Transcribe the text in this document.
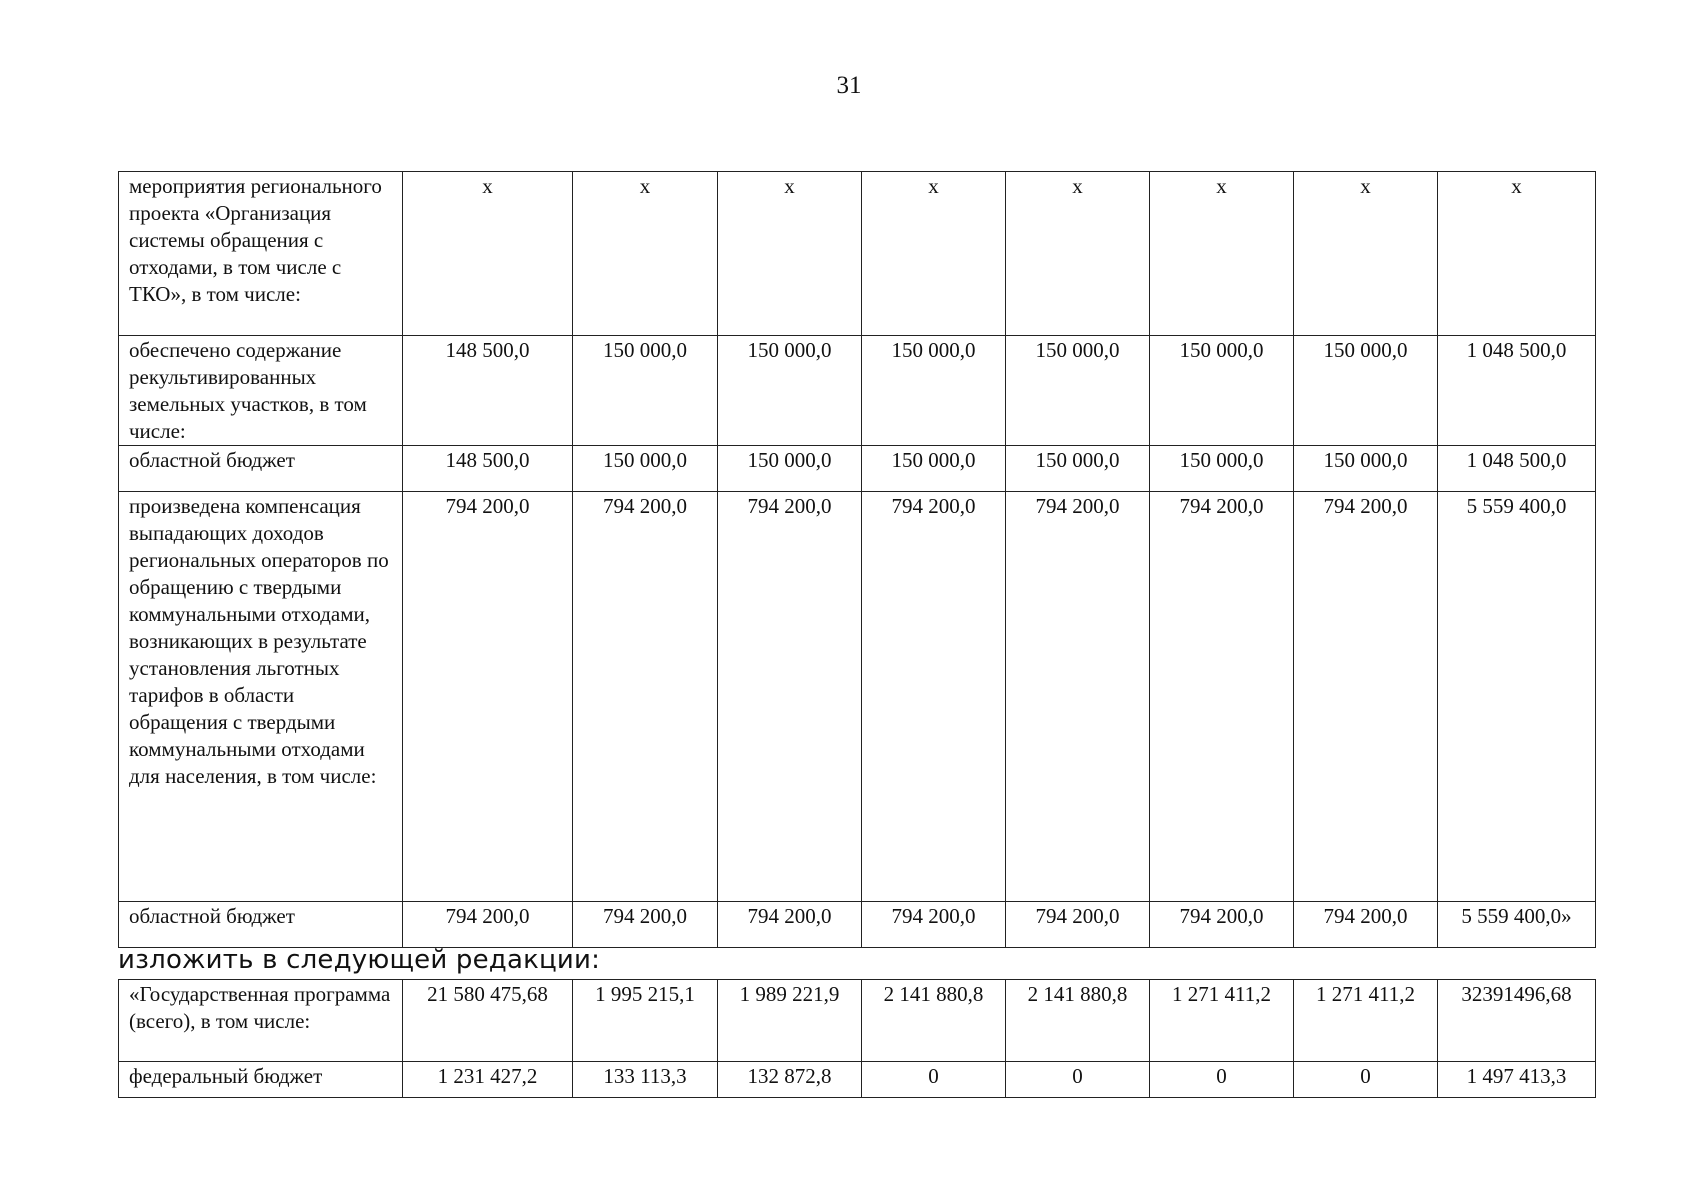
31
мероприятия регионального проекта «Организация системы обращения с отходами, в том числе с ТКО», в том числе:	х	х	х	х	х	х	х	х
обеспечено содержание рекультивированных земельных участков, в том числе:	148 500,0	150 000,0	150 000,0	150 000,0	150 000,0	150 000,0	150 000,0	1 048 500,0
областной бюджет	148 500,0	150 000,0	150 000,0	150 000,0	150 000,0	150 000,0	150 000,0	1 048 500,0
произведена компенсация выпадающих доходов региональных операторов по обращению с твердыми коммунальными отходами, возникающих в результате установления льготных тарифов в области обращения с твердыми коммунальными отходами для населения, в том числе:	794 200,0	794 200,0	794 200,0	794 200,0	794 200,0	794 200,0	794 200,0	5 559 400,0
областной бюджет	794 200,0	794 200,0	794 200,0	794 200,0	794 200,0	794 200,0	794 200,0	5 559 400,0»
изложить в следующей редакции:
«Государственная программа (всего), в том числе:	21 580 475,68	1 995 215,1	1 989 221,9	2 141 880,8	2 141 880,8	1 271 411,2	1 271 411,2	32391496,68
федеральный бюджет	1 231 427,2	133 113,3	132 872,8	0	0	0	0	1 497 413,3
